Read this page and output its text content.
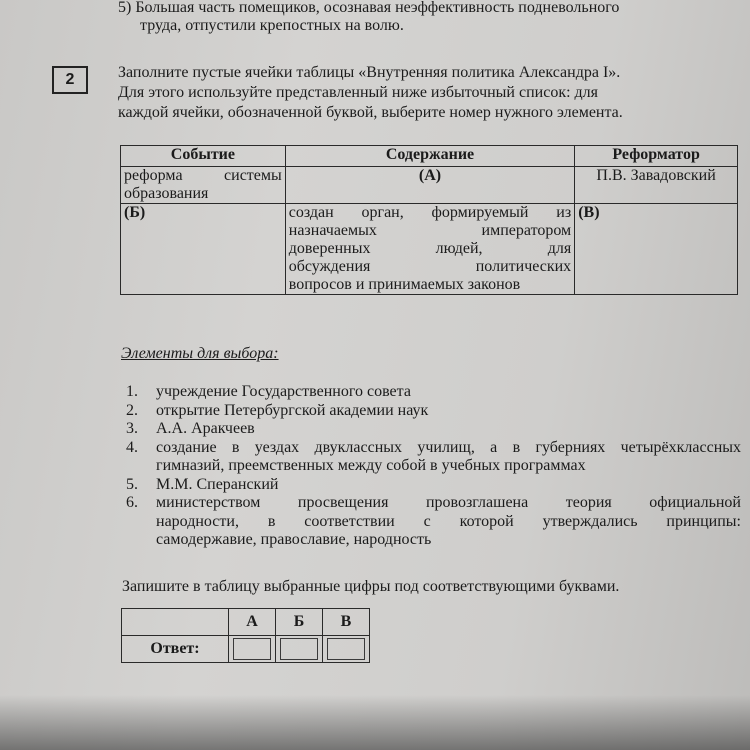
5) Большая часть помещиков, осознавая неэффективность подневольного
труда, отпустили крепостных на волю.
2	Заполните пустые ячейки таблицы «Внутренняя политика Александра I».
Для этого используйте представленный ниже избыточный список: для
каждой ячейки, обозначенной буквой, выберите номер нужного элемента.
Событие	Содержание	Реформатор

реформа системы
образования	(А)	П.В. Завадовский
(Б)	создан орган, формируемый из
назначаемых императором
доверенных людей, для
обсуждения политических
вопросов и принимаемых законов	(В)
Элементы для выбора:
1. учреждение Государственного совета
2. открытие Петербургской академии наук
3. А.А. Аракчеев
4. создание в уездах двуклассных училищ, а в губерниях четырёхклассных
гимназий, преемственных между собой в учебных программах
5. М.М. Сперанский
6. министерством просвещения провозглашена теория официальной
народности, в соответствии с которой утверждались принципы:
самодержавие, православие, народность
Запишите в таблицу выбранные цифры под соответствующими буквами.
	А	Б	В
Ответ:			
